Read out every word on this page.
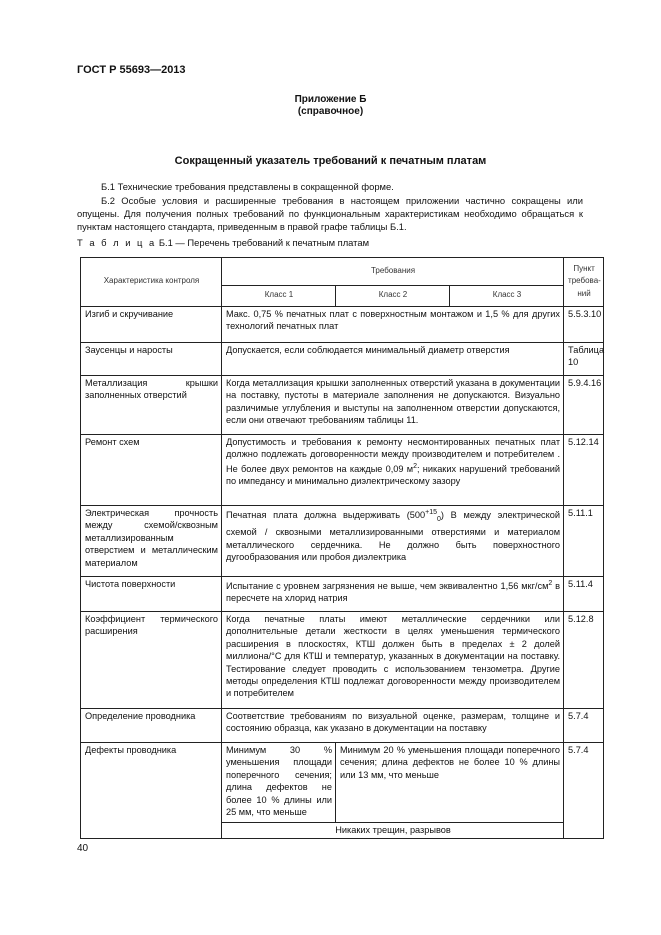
ГОСТ Р 55693—2013
Приложение Б
(справочное)
Сокращенный указатель требований к печатным платам
Б.1 Технические требования представлены в сокращенной форме.
Б.2 Особые условия и расширенные требования в настоящем приложении частично сокращены или опущены. Для получения полных требований по функциональным характеристикам необходимо обращаться к пунктам настоящего стандарта, приведенным в правой графе таблицы Б.1.
Т а б л и ц а Б.1 — Перечень требований к печатным платам
Характеристика контроля	Требования			Пункт требова-ний
	Класс 1	Класс 2	Класс 3	
Изгиб и скручивание	Макс. 0,75 % печатных плат с поверхностным монтажом и 1,5 % для других технологий печатных плат			5.5.3.10
Заусенцы и наросты	Допускается, если соблюдается минимальный диаметр отверстия			Таблица 10
Металлизация крышки заполненных отверстий	Когда металлизация крышки заполненных отверстий указана в документации на поставку, пустоты в материале заполнения не допускаются. Визуально различимые углубления и выступы на заполненном отверстии допускаются, если они отвечают требованиям таблицы 11.			5.9.4.16
Ремонт схем	Допустимость и требования к ремонту несмонтированных печатных плат должно подлежать договоренности между производителем и потребителем . Не более двух ремонтов на каждые 0,09 $м^2$; никаких нарушений требований по импедансу и минимально диэлектрическому зазору			5.12.14
Электрическая прочность между схемой/сквозным металлизированным отверстием и металлическим материалом	Печатная плата должна выдерживать $(500^{+15}_0)$ В между электрической схемой / сквозными металлизированными отверстиями и материалом металлического сердечника. Не должно быть поверхностного дугообразования или пробоя диэлектрика			5.11.1
Чистота поверхности	Испытание с уровнем загрязнения не выше, чем эквивалентно 1,56 мкг/$см^2$ в пересчете на хлорид натрия			5.11.4
Коэффициент термического расширения	Когда печатные платы имеют металлические сердечники или дополнительные детали жесткости в целях уменьшения термического расширения в плоскостях, КТШ должен быть в пределах ± 2 долей миллиона/°С для КТШ и температур, указанных в документации на поставку. Тестирование следует проводить с использованием тензометра. Другие методы определения КТШ подлежат договоренности между производителем и потребителем			5.12.8
Определение проводника	Соответствие требованиям по визуальной оценке, размерам, толщине и состоянию образца, как указано в документации на поставку			5.7.4
Дефекты проводника	Минимум 30 % уменьшения площади поперечного сечения; длина дефектов не более 10 % длины или 25 мм, что меньше	Минимум 20 % уменьшения площади поперечного сечения; длина дефектов не более 10 % длины или 13 мм, что меньше		5.7.4
	Никаких трещин, разрывов			
40
